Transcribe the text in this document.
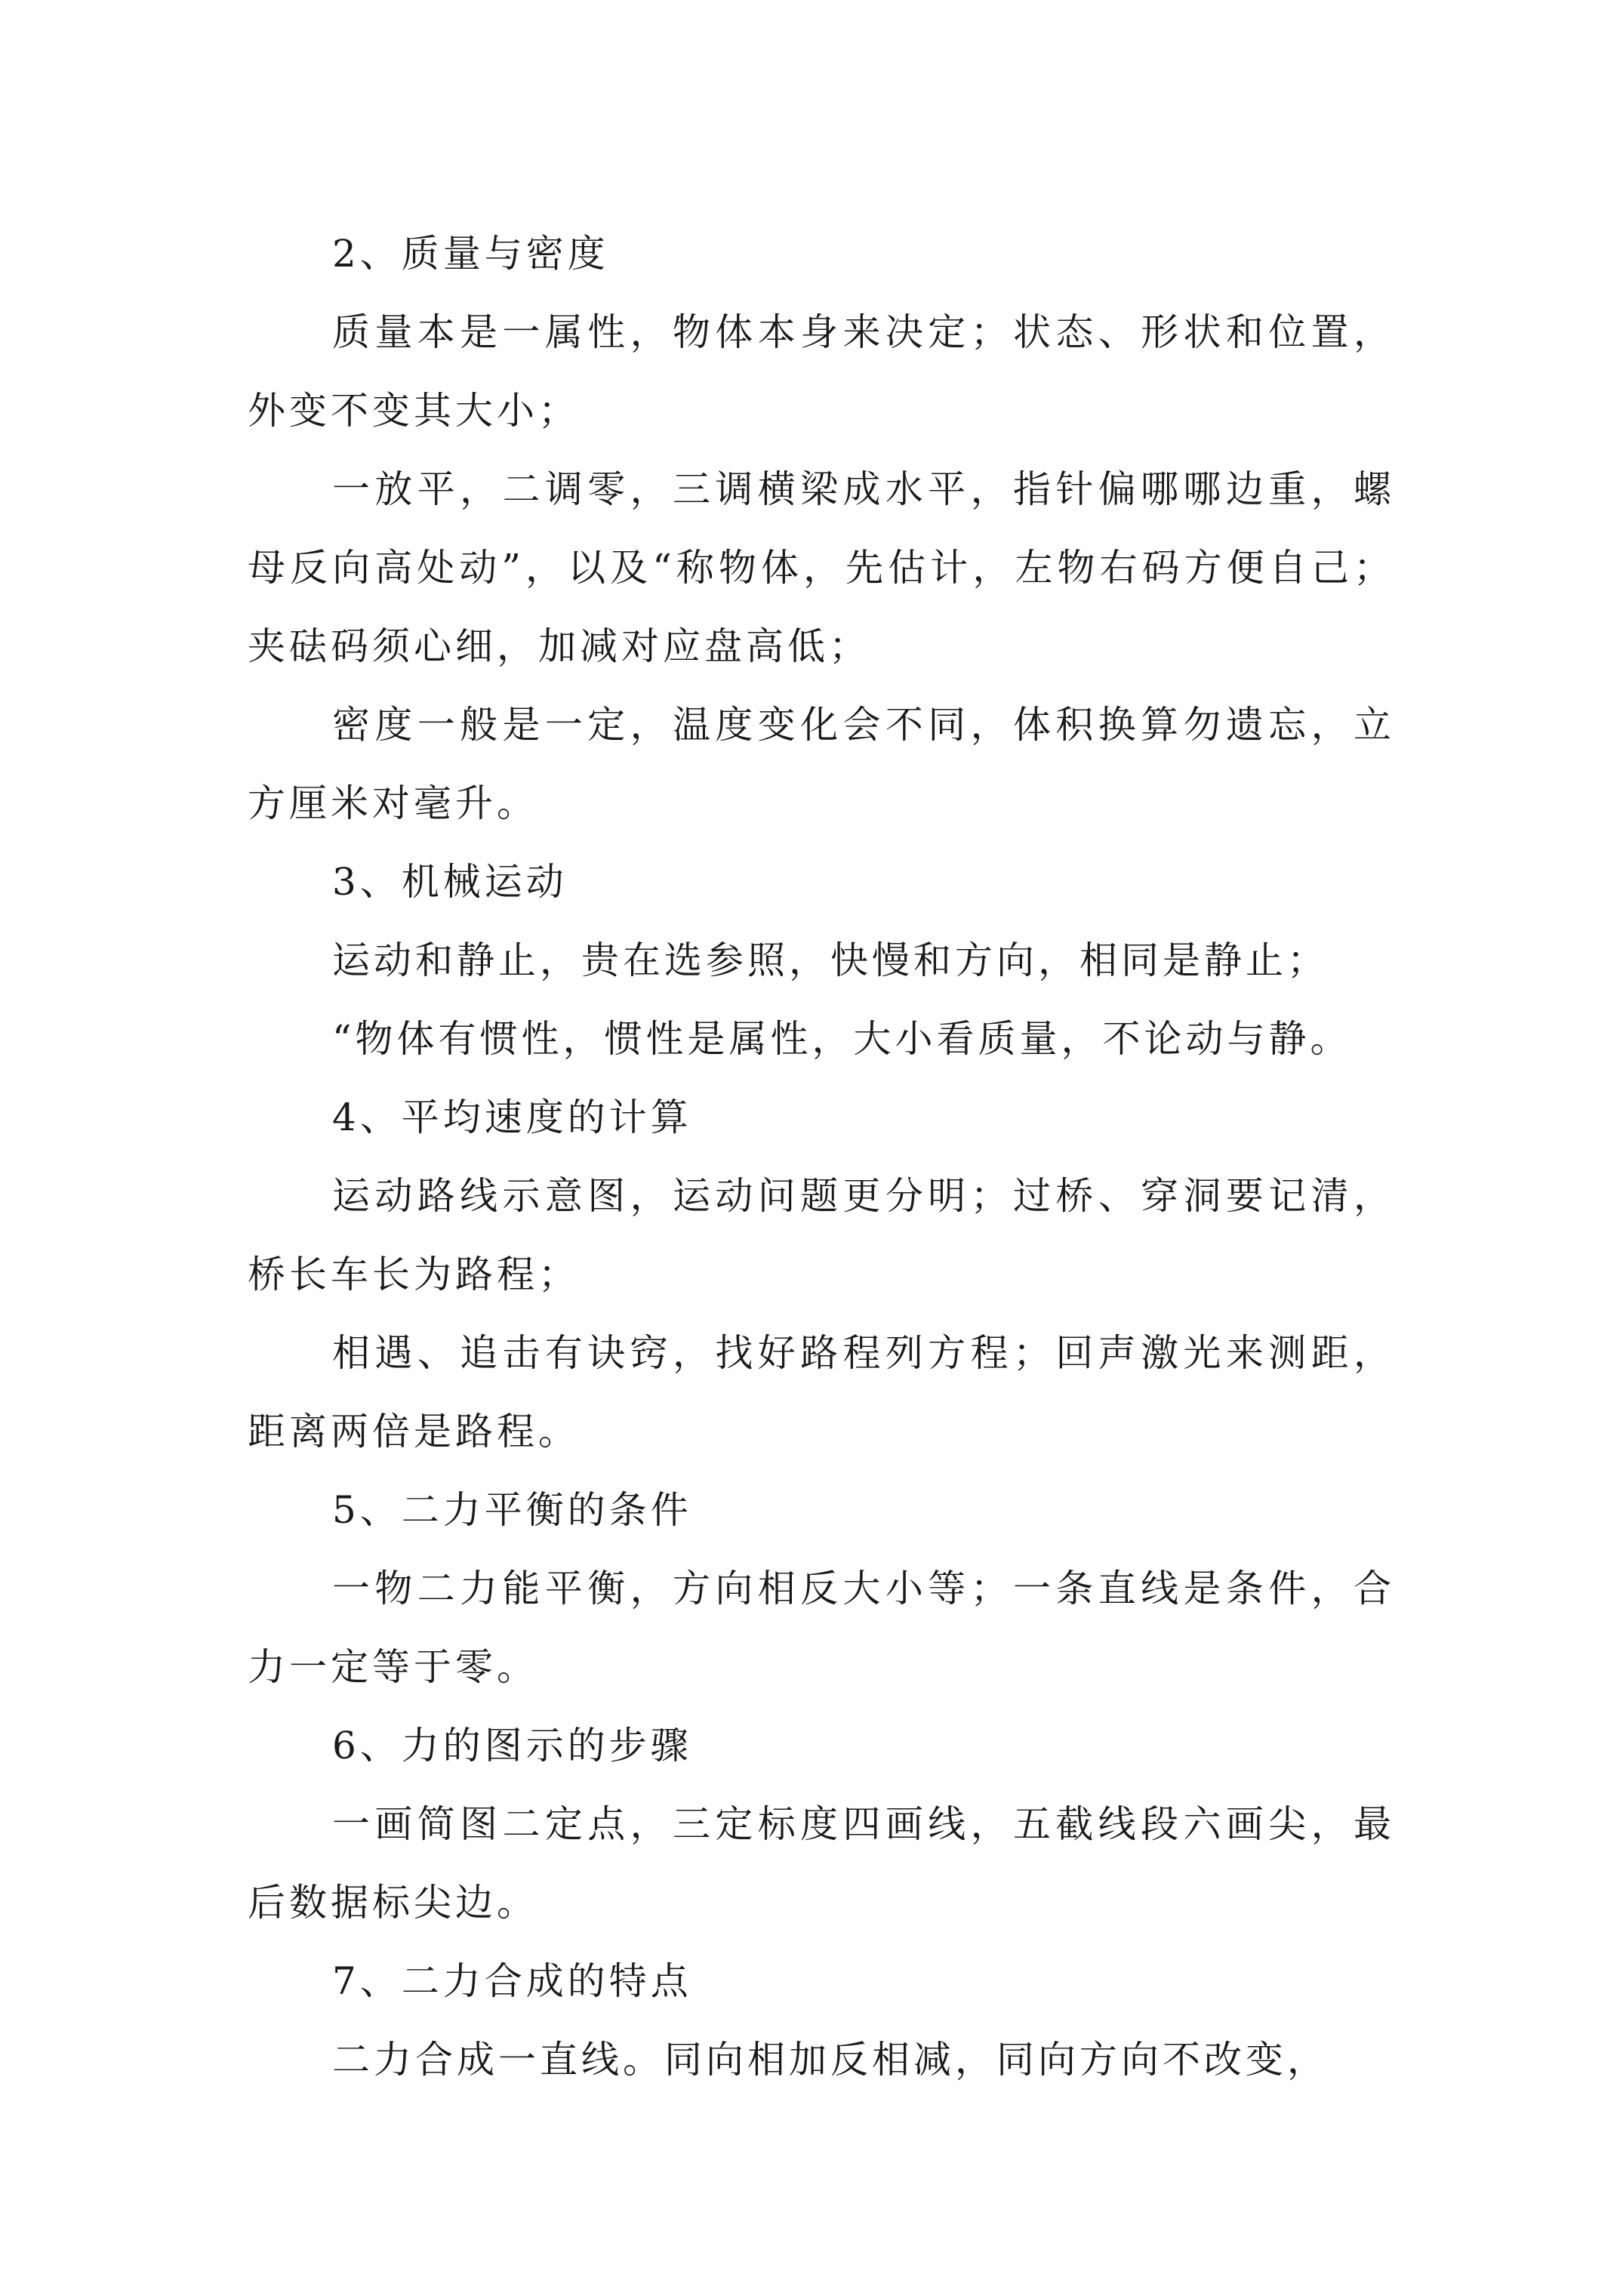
2、质量与密度

质量本是一属性，物体本身来决定；状态、形状和位置，外变不变其大小；

一放平，二调零，三调横梁成水平，指针偏哪哪边重，螺母反向高处动”，以及“称物体，先估计，左物右码方便自己；夹砝码须心细，加减对应盘高低；

密度一般是一定，温度变化会不同，体积换算勿遗忘，立方厘米对毫升。

3、机械运动

运动和静止，贵在选参照，快慢和方向，相同是静止；

“物体有惯性，惯性是属性，大小看质量，不论动与静。

4、平均速度的计算

运动路线示意图，运动问题更分明；过桥、穿洞要记清，桥长车长为路程；

相遇、追击有诀窍，找好路程列方程；回声激光来测距，距离两倍是路程。

5、二力平衡的条件

一物二力能平衡，方向相反大小等；一条直线是条件，合力一定等于零。

6、力的图示的步骤

一画简图二定点，三定标度四画线，五截线段六画尖，最后数据标尖边。

7、二力合成的特点

二力合成一直线。同向相加反相减，同向方向不改变，
